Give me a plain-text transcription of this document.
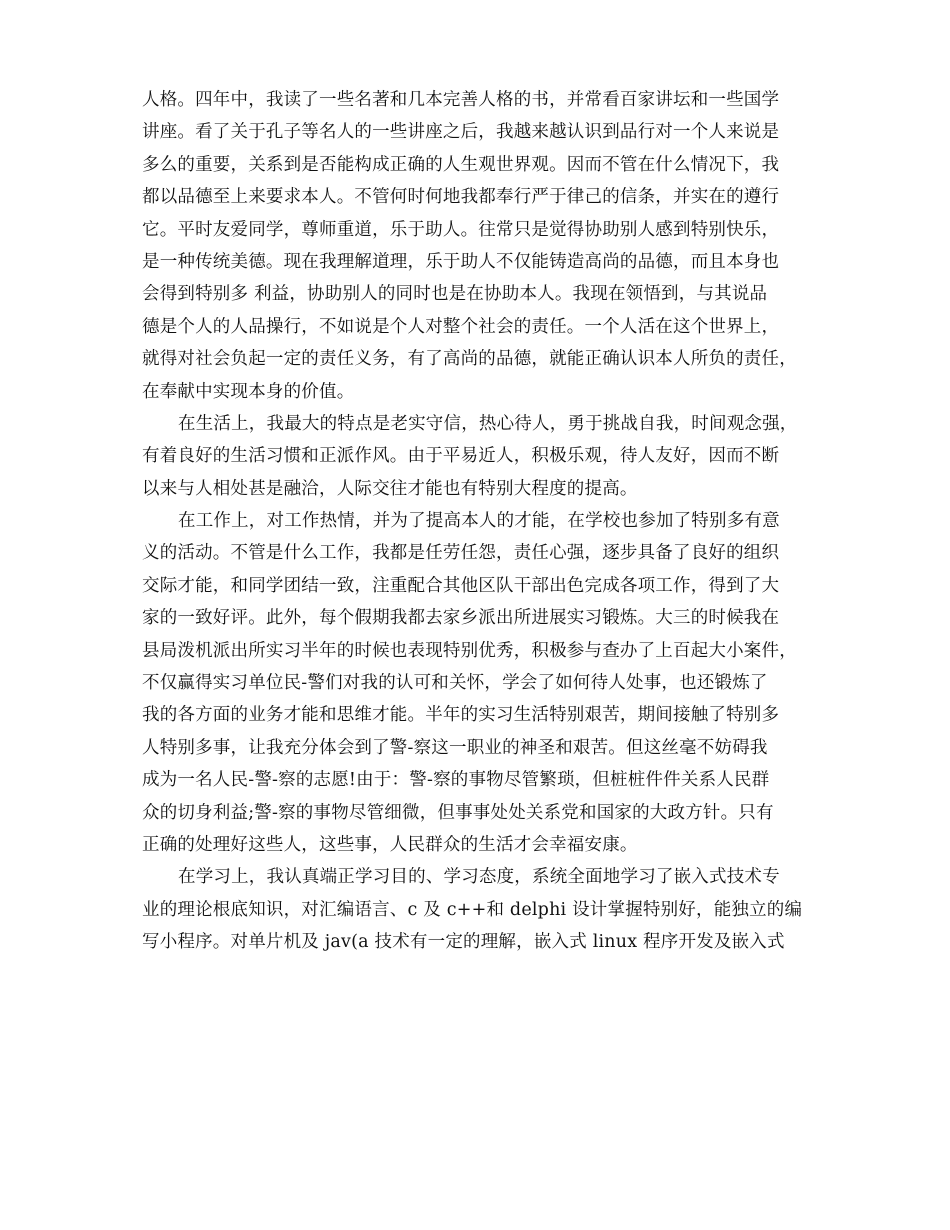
人格。四年中，我读了一些名著和几本完善人格的书，并常看百家讲坛和一些国学
讲座。看了关于孔子等名人的一些讲座之后，我越来越认识到品行对一个人来说是
多么的重要，关系到是否能构成正确的人生观世界观。因而不管在什么情况下，我
都以品德至上来要求本人。不管何时何地我都奉行严于律己的信条，并实在的遵行
它。平时友爱同学，尊师重道，乐于助人。往常只是觉得协助别人感到特别快乐，
是一种传统美德。现在我理解道理，乐于助人不仅能铸造高尚的品德，而且本身也
会得到特别多 利益，协助别人的同时也是在协助本人。我现在领悟到，与其说品
德是个人的人品操行，不如说是个人对整个社会的责任。一个人活在这个世界上，
就得对社会负起一定的责任义务，有了高尚的品德，就能正确认识本人所负的责任，
在奉献中实现本身的价值。
在生活上，我最大的特点是老实守信，热心待人，勇于挑战自我，时间观念强，
有着良好的生活习惯和正派作风。由于平易近人，积极乐观，待人友好，因而不断
以来与人相处甚是融洽，人际交往才能也有特别大程度的提高。
在工作上，对工作热情，并为了提高本人的才能，在学校也参加了特别多有意
义的活动。不管是什么工作，我都是任劳任怨，责任心强，逐步具备了良好的组织
交际才能，和同学团结一致，注重配合其他区队干部出色完成各项工作，得到了大
家的一致好评。此外，每个假期我都去家乡派出所进展实习锻炼。大三的时候我在
县局泼机派出所实习半年的时候也表现特别优秀，积极参与查办了上百起大小案件，
不仅赢得实习单位民-警们对我的认可和关怀，学会了如何待人处事，也还锻炼了
我的各方面的业务才能和思维才能。半年的实习生活特别艰苦，期间接触了特别多
人特别多事，让我充分体会到了警-察这一职业的神圣和艰苦。但这丝毫不妨碍我
成为一名人民-警-察的志愿!由于：警-察的事物尽管繁琐，但桩桩件件关系人民群
众的切身利益;警-察的事物尽管细微，但事事处处关系党和国家的大政方针。只有
正确的处理好这些人，这些事，人民群众的生活才会幸福安康。
在学习上，我认真端正学习目的、学习态度，系统全面地学习了嵌入式技术专
业的理论根底知识，对汇编语言、c 及 c++和 delphi 设计掌握特别好，能独立的编
写小程序。对单片机及 jav(a 技术有一定的理解，嵌入式 linux 程序开发及嵌入式
